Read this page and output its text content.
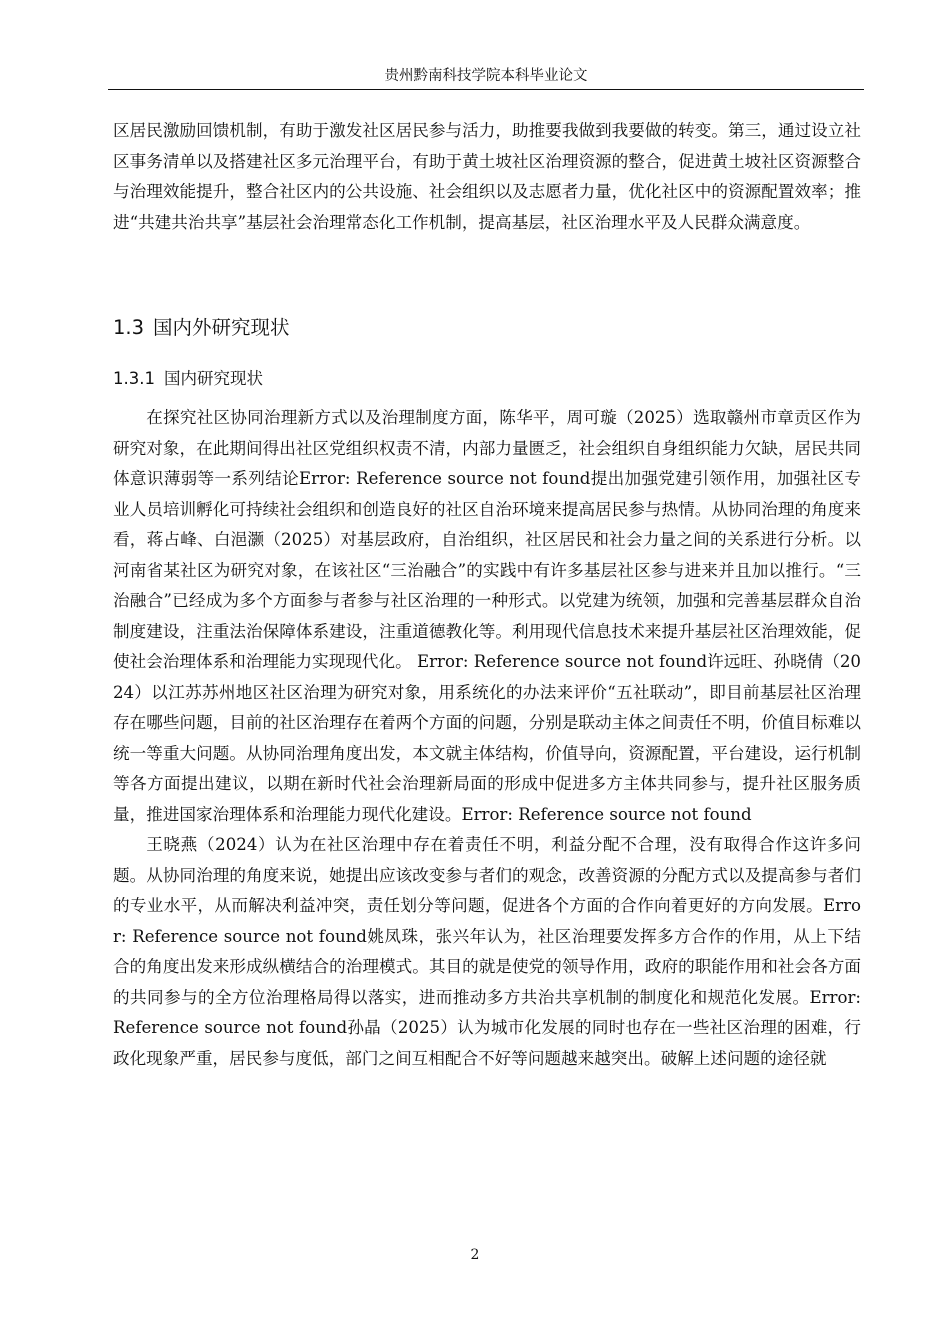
贵州黔南科技学院本科毕业论文

区居民激励回馈机制，有助于激发社区居民参与活力，助推要我做到我要做的转变。第三，通过设立社区事务清单以及搭建社区多元治理平台，有助于黄土坡社区治理资源的整合，促进黄土坡社区资源整合与治理效能提升，整合社区内的公共设施、社会组织以及志愿者力量，优化社区中的资源配置效率；推进“共建共治共享”基层社会治理常态化工作机制，提高基层，社区治理水平及人民群众满意度。

1.3 国内外研究现状
1.3.1 国内研究现状

在探究社区协同治理新方式以及治理制度方面，陈华平，周可璇（2025）选取赣州市章贡区作为研究对象，在此期间得出社区党组织权责不清，内部力量匮乏，社会组织自身组织能力欠缺，居民共同体意识薄弱等一系列结论Error: Reference source not found提出加强党建引领作用，加强社区专业人员培训孵化可持续社会组织和创造良好的社区自治环境来提高居民参与热情。从协同治理的角度来看，蒋占峰、白浥灏（2025）对基层政府，自治组织，社区居民和社会力量之间的关系进行分析。以河南省某社区为研究对象，在该社区“三治融合”的实践中有许多基层社区参与进来并且加以推行。“三治融合”已经成为多个方面参与者参与社区治理的一种形式。以党建为统领，加强和完善基层群众自治制度建设，注重法治保障体系建设，注重道德教化等。利用现代信息技术来提升基层社区治理效能，促使社会治理体系和治理能力实现现代化。 Error: Reference source not found许远旺、孙晓倩（2024）以江苏苏州地区社区治理为研究对象，用系统化的办法来评价“五社联动”，即目前基层社区治理存在哪些问题，目前的社区治理存在着两个方面的问题，分别是联动主体之间责任不明，价值目标难以统一等重大问题。从协同治理角度出发，本文就主体结构，价值导向，资源配置，平台建设，运行机制等各方面提出建议，以期在新时代社会治理新局面的形成中促进多方主体共同参与，提升社区服务质量，推进国家治理体系和治理能力现代化建设。Error: Reference source not found

王晓燕（2024）认为在社区治理中存在着责任不明，利益分配不合理，没有取得合作这许多问题。从协同治理的角度来说，她提出应该改变参与者们的观念，改善资源的分配方式以及提高参与者们的专业水平，从而解决利益冲突，责任划分等问题，促进各个方面的合作向着更好的方向发展。Error: Reference source not found姚凤珠，张兴年认为，社区治理要发挥多方合作的作用，从上下结合的角度出发来形成纵横结合的治理模式。其目的就是使党的领导作用，政府的职能作用和社会各方面的共同参与的全方位治理格局得以落实，进而推动多方共治共享机制的制度化和规范化发展。Error: Reference source not found孙晶（2025）认为城市化发展的同时也存在一些社区治理的困难，行政化现象严重，居民参与度低，部门之间互相配合不好等问题越来越突出。破解上述问题的途径就

2
